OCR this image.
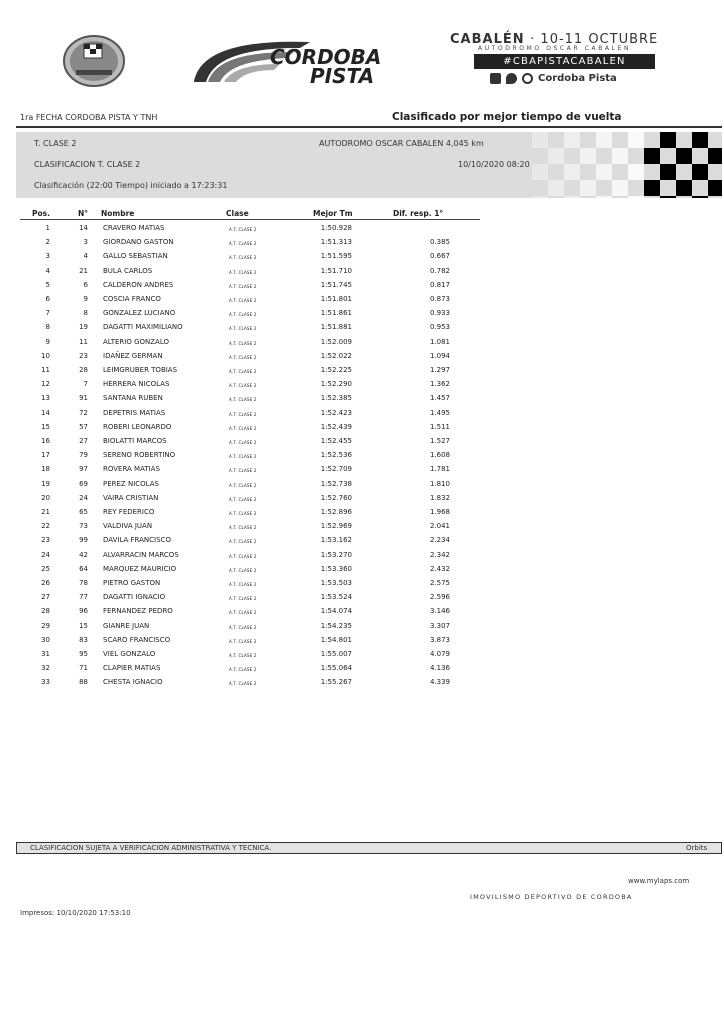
CORDOBA
PISTA
CABALÉN · 10-11 OCTUBRE
AUTODROMO OSCAR CABALEN
#CBAPISTACABALEN
Cordoba Pista
1ra FECHA CORDOBA PISTA Y TNH	Clasificado por mejor tiempo de vuelta
T. CLASE 2	AUTODROMO OSCAR CABALEN 4,045 km
CLASIFICACION T. CLASE 2	10/10/2020 08:20
Clasificación (22:00 Tiempo) iniciado a 17:23:31
Pos.	N° Nombre	Clase	Mejor Tm	Dif. resp. 1°
1	14 CRAVERO MATIAS	A.T. CLASE 2	1:50.928
2	3 GIORDANO GASTON	A.T. CLASE 2	1:51.313	0.385
3	4 GALLO SEBASTIAN	A.T. CLASE 2	1:51.595	0.667
4	21 BULA CARLOS	A.T. CLASE 2	1:51.710	0.782
5	6 CALDERON ANDRES	A.T. CLASE 2	1:51.745	0.817
6	9 COSCIA FRANCO	A.T. CLASE 2	1:51.801	0.873
7	8 GONZALEZ LUCIANO	A.T. CLASE 2	1:51.861	0.933
8	19 DAGATTI MAXIMILIANO	A.T. CLASE 2	1:51.881	0.953
9	11 ALTERIO GONZALO	A.T. CLASE 2	1:52.009	1.081
10	23 IDAÑEZ GERMAN	A.T. CLASE 2	1:52.022	1.094
11	28 LEIMGRUBER TOBIAS	A.T. CLASE 2	1:52.225	1.297
12	7 HERRERA NICOLAS	A.T. CLASE 2	1:52.290	1.362
13	91 SANTANA RUBEN	A.T. CLASE 2	1:52.385	1.457
14	72 DEPETRIS MATIAS	A.T. CLASE 2	1:52.423	1.495
15	57 ROBERI LEONARDO	A.T. CLASE 2	1:52.439	1.511
16	27 BIOLATTI MARCOS	A.T. CLASE 2	1:52.455	1.527
17	79 SERENO ROBERTINO	A.T. CLASE 2	1:52.536	1.608
18	97 ROVERA MATIAS	A.T. CLASE 2	1:52.709	1.781
19	69 PEREZ NICOLAS	A.T. CLASE 2	1:52.738	1.810
20	24 VAIRA CRISTIAN	A.T. CLASE 2	1:52.760	1.832
21	65 REY FEDERICO	A.T. CLASE 2	1:52.896	1.968
22	73 VALDIVA JUAN	A.T. CLASE 2	1:52.969	2.041
23	99 DAVILA FRANCISCO	A.T. CLASE 2	1:53.162	2.234
24	42 ALVARRACIN MARCOS	A.T. CLASE 2	1:53.270	2.342
25	64 MARQUEZ MAURICIO	A.T. CLASE 2	1:53.360	2.432
26	78 PIETRO GASTON	A.T. CLASE 2	1:53.503	2.575
27	77 DAGATTI IGNACIO	A.T. CLASE 2	1:53.524	2.596
28	96 FERNANDEZ PEDRO	A.T. CLASE 2	1:54.074	3.146
29	15 GIANRE JUAN	A.T. CLASE 2	1:54.235	3.307
30	83 SCARO FRANCISCO	A.T. CLASE 2	1:54.801	3.873
31	95 VIEL GONZALO	A.T. CLASE 2	1:55.007	4.079
32	71 CLAPIER MATIAS	A.T. CLASE 2	1:55.064	4.136
33	88 CHESTA IGNACIO	A.T. CLASE 2	1:55.267	4.339
CLASIFICACION SUJETA A VERIFICACION ADMINISTRATIVA Y TECNICA.	Orbits
www.mylaps.com
IMOVILISMO DEPORTIVO DE CORDOBA
Impresos: 10/10/2020 17:53:10
